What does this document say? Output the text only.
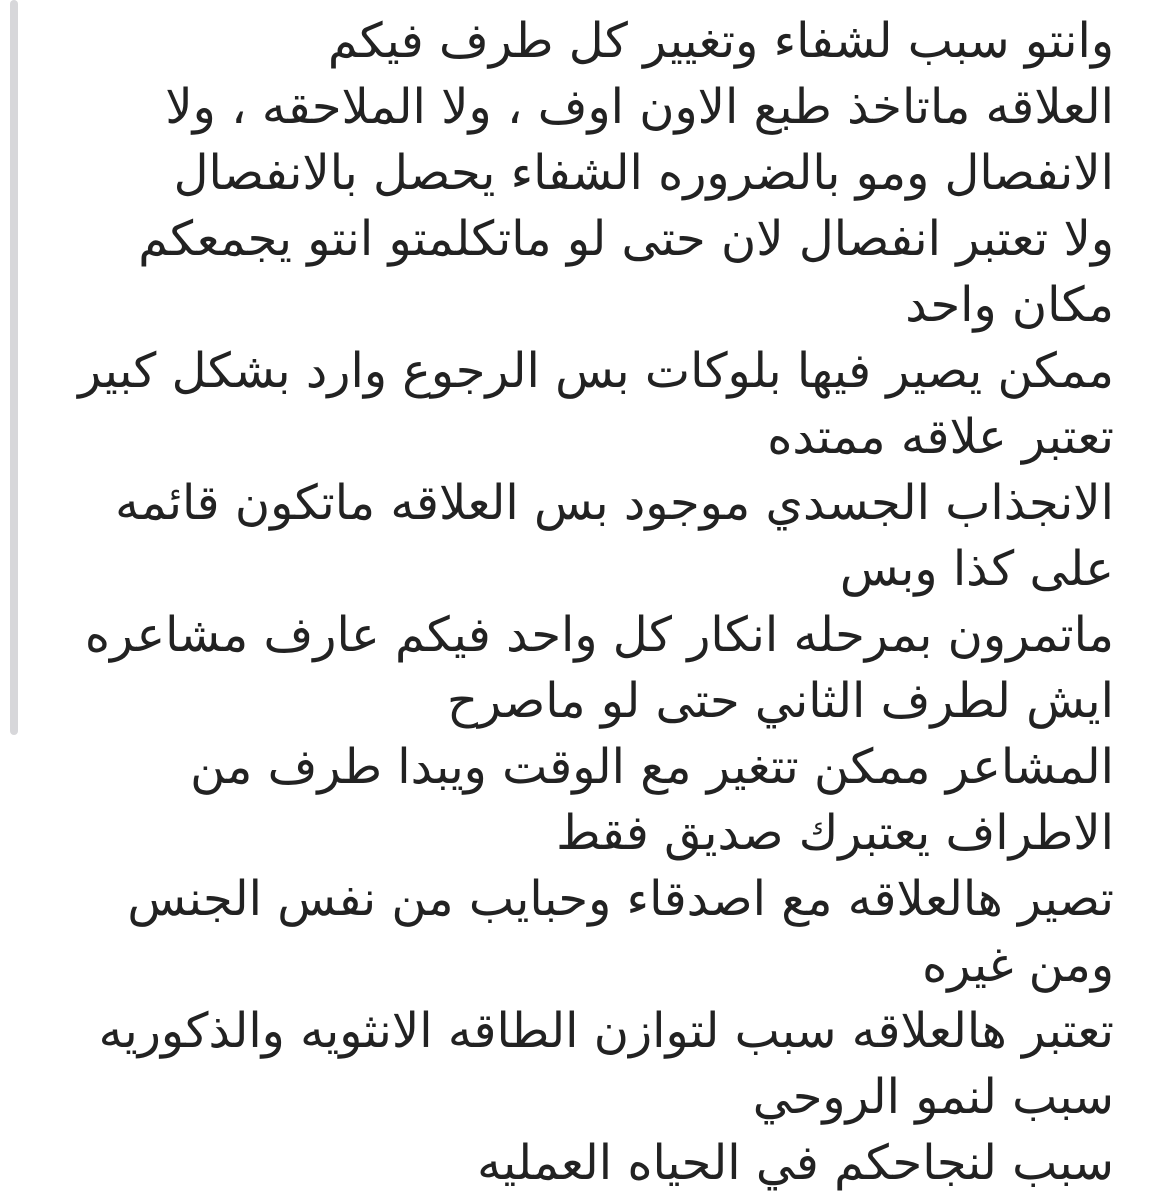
وانتو سبب لشفاء وتغيير كل طرف فيكم

العلاقه ماتاخذ طبع الاون اوف ، ولا الملاحقه ، ولا

الانفصال ومو بالضروره الشفاء يحصل بالانفصال

ولا تعتبر انفصال لان حتى لو ماتكلمتو انتو يجمعكم مكان واحد

ممكن يصير فيها بلوكات بس الرجوع وارد بشكل كبير

تعتبر علاقه ممتده

الانجذاب الجسدي موجود بس العلاقه ماتكون قائمه على كذا وبس

ماتمرون بمرحله انكار كل واحد فيكم عارف مشاعره ايش لطرف الثاني حتى لو ماصرح

المشاعر ممكن تتغير مع الوقت ويبدا طرف من الاطراف يعتبرك صديق فقط

تصير هالعلاقه مع اصدقاء وحبايب من نفس الجنس ومن غيره

تعتبر هالعلاقه سبب لتوازن الطاقه الانثويه والذكوريه

سبب لنمو الروحي

سبب لنجاحكم في الحياه العمليه
